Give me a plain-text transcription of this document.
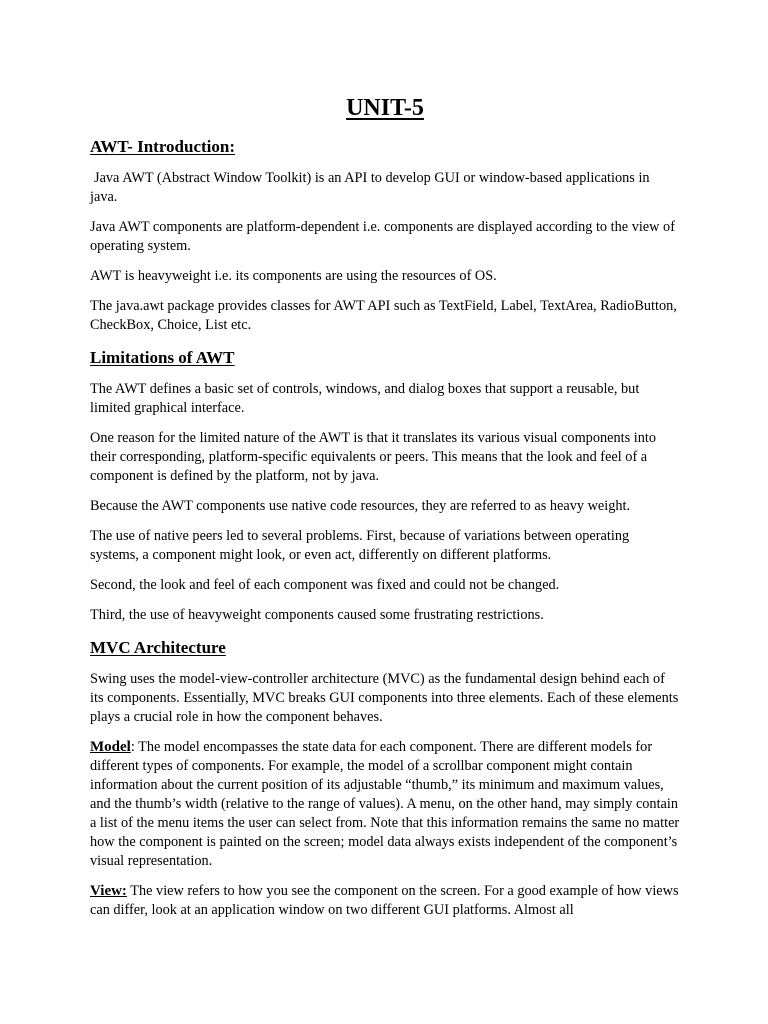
UNIT-5
AWT- Introduction:

Java AWT (Abstract Window Toolkit) is an API to develop GUI or window-based applications in java.

Java AWT components are platform-dependent i.e. components are displayed according to the view of operating system.

AWT is heavyweight i.e. its components are using the resources of OS.

The java.awt package provides classes for AWT API such as TextField, Label, TextArea, RadioButton, CheckBox, Choice, List etc.

Limitations of AWT

The AWT defines a basic set of controls, windows, and dialog boxes that support a reusable, but limited graphical interface.

One reason for the limited nature of the AWT is that it translates its various visual components into their corresponding, platform-specific equivalents or peers. This means that the look and feel of a component is defined by the platform, not by java.

Because the AWT components use native code resources, they are referred to as heavy weight.

The use of native peers led to several problems. First, because of variations between operating systems, a component might look, or even act, differently on different platforms.

Second, the look and feel of each component was fixed and could not be changed.

Third, the use of heavyweight components caused some frustrating restrictions.

MVC Architecture

Swing uses the model-view-controller architecture (MVC) as the fundamental design behind each of its components. Essentially, MVC breaks GUI components into three elements. Each of these elements plays a crucial role in how the component behaves.

Model: The model encompasses the state data for each component. There are different models for different types of components. For example, the model of a scrollbar component might contain information about the current position of its adjustable “thumb,” its minimum and maximum values, and the thumb’s width (relative to the range of values). A menu, on the other hand, may simply contain a list of the menu items the user can select from. Note that this information remains the same no matter how the component is painted on the screen; model data always exists independent of the component’s visual representation.

View: The view refers to how you see the component on the screen. For a good example of how views can differ, look at an application window on two different GUI platforms. Almost all
